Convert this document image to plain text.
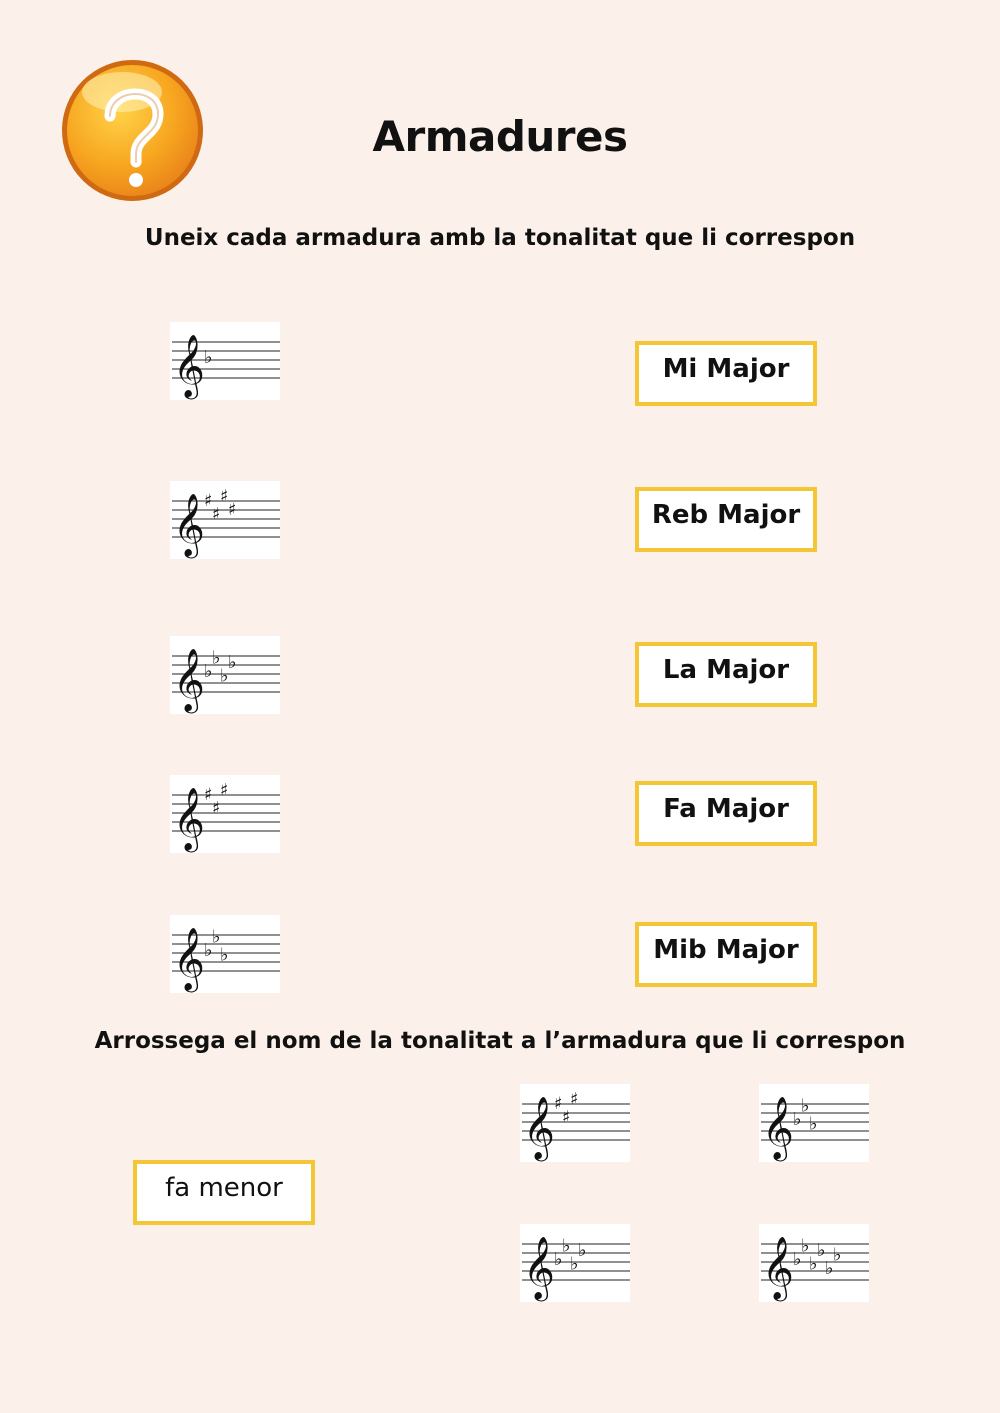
Armadures
Uneix cada armadura amb la tonalitat que li correspon
Arrossega el nom de la tonalitat a l’armadura que li correspon
𝄞 ♭
𝄞 ♯
♯
♯
♯
𝄞 ♭
♭
♭
♭
𝄞 ♯
♯
♯
𝄞 ♭
♭
♭
Mi Major
Reb Major
La Major
Fa Major
Mib Major
fa menor
𝄞 ♯
♯
♯	𝄞 ♭
♭
♭
𝄞 ♭
♭
♭
♭	𝄞 ♭
♭
♭
♭
♭
♭
